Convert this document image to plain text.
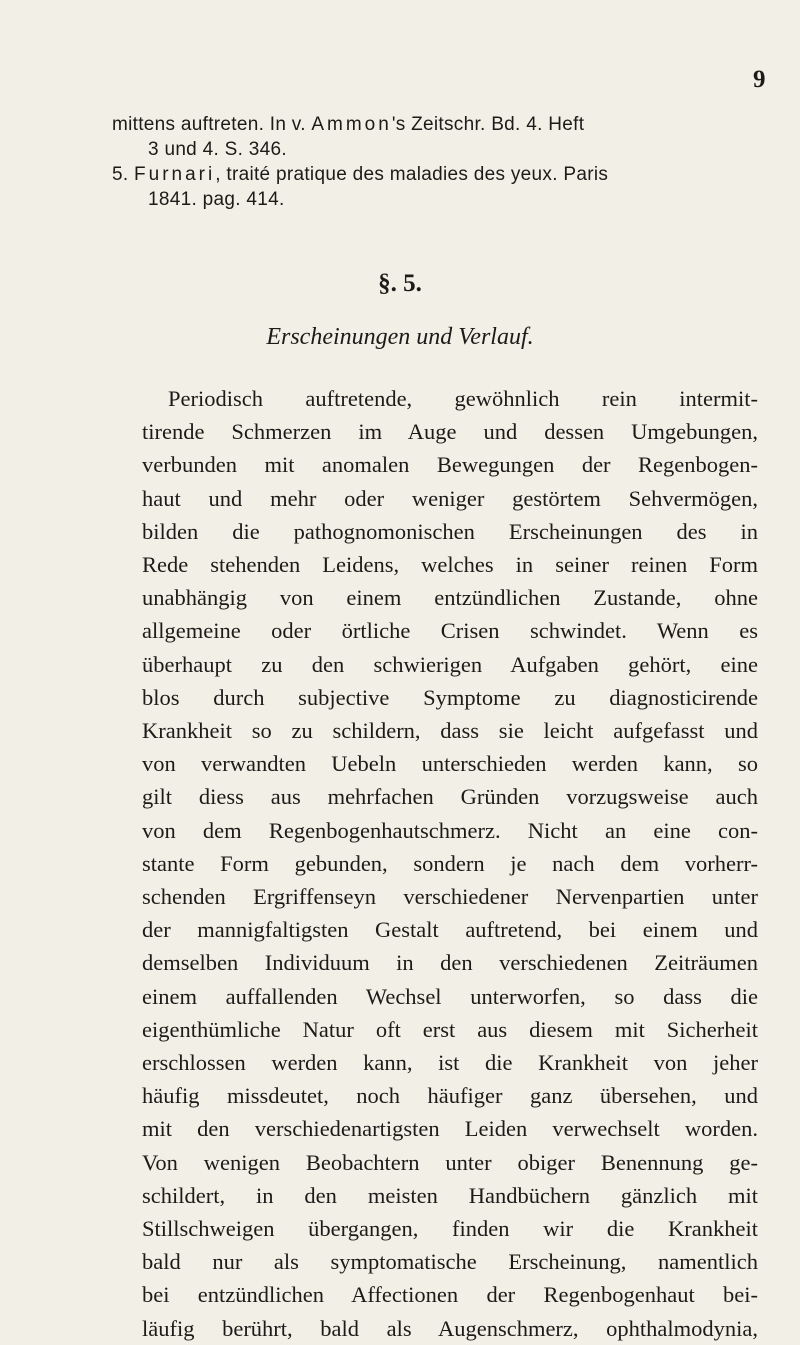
9
mittens auftreten. In v. Ammon's Zeitschr. Bd. 4. Heft
3 und 4. S. 346.
5. Furnari, traité pratique des maladies des yeux. Paris
1841. pag. 414.
§. 5.
Erscheinungen und Verlauf.
Periodisch auftretende, gewöhnlich rein intermit-
tirende Schmerzen im Auge und dessen Umgebungen,
verbunden mit anomalen Bewegungen der Regenbogen-
haut und mehr oder weniger gestörtem Sehvermögen,
bilden die pathognomonischen Erscheinungen des in
Rede stehenden Leidens, welches in seiner reinen Form
unabhängig von einem entzündlichen Zustande, ohne
allgemeine oder örtliche Crisen schwindet. Wenn es
überhaupt zu den schwierigen Aufgaben gehört, eine
blos durch subjective Symptome zu diagnosticirende
Krankheit so zu schildern, dass sie leicht aufgefasst und
von verwandten Uebeln unterschieden werden kann, so
gilt diess aus mehrfachen Gründen vorzugsweise auch
von dem Regenbogenhautschmerz. Nicht an eine con-
stante Form gebunden, sondern je nach dem vorherr-
schenden Ergriffenseyn verschiedener Nervenpartien unter
der mannigfaltigsten Gestalt auftretend, bei einem und
demselben Individuum in den verschiedenen Zeiträumen
einem auffallenden Wechsel unterworfen, so dass die
eigenthümliche Natur oft erst aus diesem mit Sicherheit
erschlossen werden kann, ist die Krankheit von jeher
häufig missdeutet, noch häufiger ganz übersehen, und
mit den verschiedenartigsten Leiden verwechselt worden.
Von wenigen Beobachtern unter obiger Benennung ge-
schildert, in den meisten Handbüchern gänzlich mit
Stillschweigen übergangen, finden wir die Krankheit
bald nur als symptomatische Erscheinung, namentlich
bei entzündlichen Affectionen der Regenbogenhaut bei-
läufig berührt, bald als Augenschmerz, ophthalmodynia,
